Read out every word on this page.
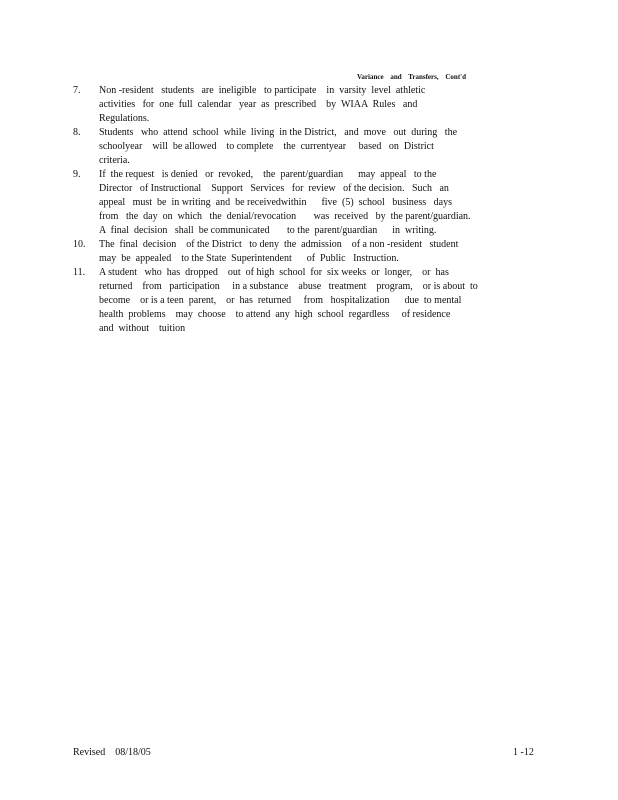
Variance and Transfers, Cont'd
7.	Non -resident   students   are  ineligible   to participate    in  varsity  level  athletic
activities   for  one  full  calendar   year  as  prescribed    by  WIAA  Rules   and
Regulations.
8.	Students   who  attend  school  while  living  in the District,   and  move   out  during   the
schoolyear    will  be allowed    to complete    the  currentyear     based   on  District
criteria.
9.	If  the request   is denied   or  revoked,    the  parent/guardian      may  appeal   to the
Director   of Instructional    Support   Services   for  review   of the decision.   Such   an
appeal   must  be  in writing  and  be receivedwithin      five  (5)  school   business   days
from   the  day  on  which   the  denial/revocation       was  received   by  the parent/guardian.
A  final  decision   shall  be communicated       to the  parent/guardian      in  writing.
10.	The  final  decision    of the District   to deny  the  admission    of a non -resident   student
may  be  appealed    to the State  Superintendent      of  Public   Instruction.
11.	A student   who  has  dropped    out  of high  school  for  six weeks  or  longer,    or  has
returned    from   participation     in a substance    abuse   treatment    program,    or is about  to
become    or is a teen  parent,    or  has  returned     from   hospitalization      due  to mental
health  problems    may  choose    to attend  any  high  school  regardless     of residence
and  without    tuition
Revised    08/18/05	1 -12
